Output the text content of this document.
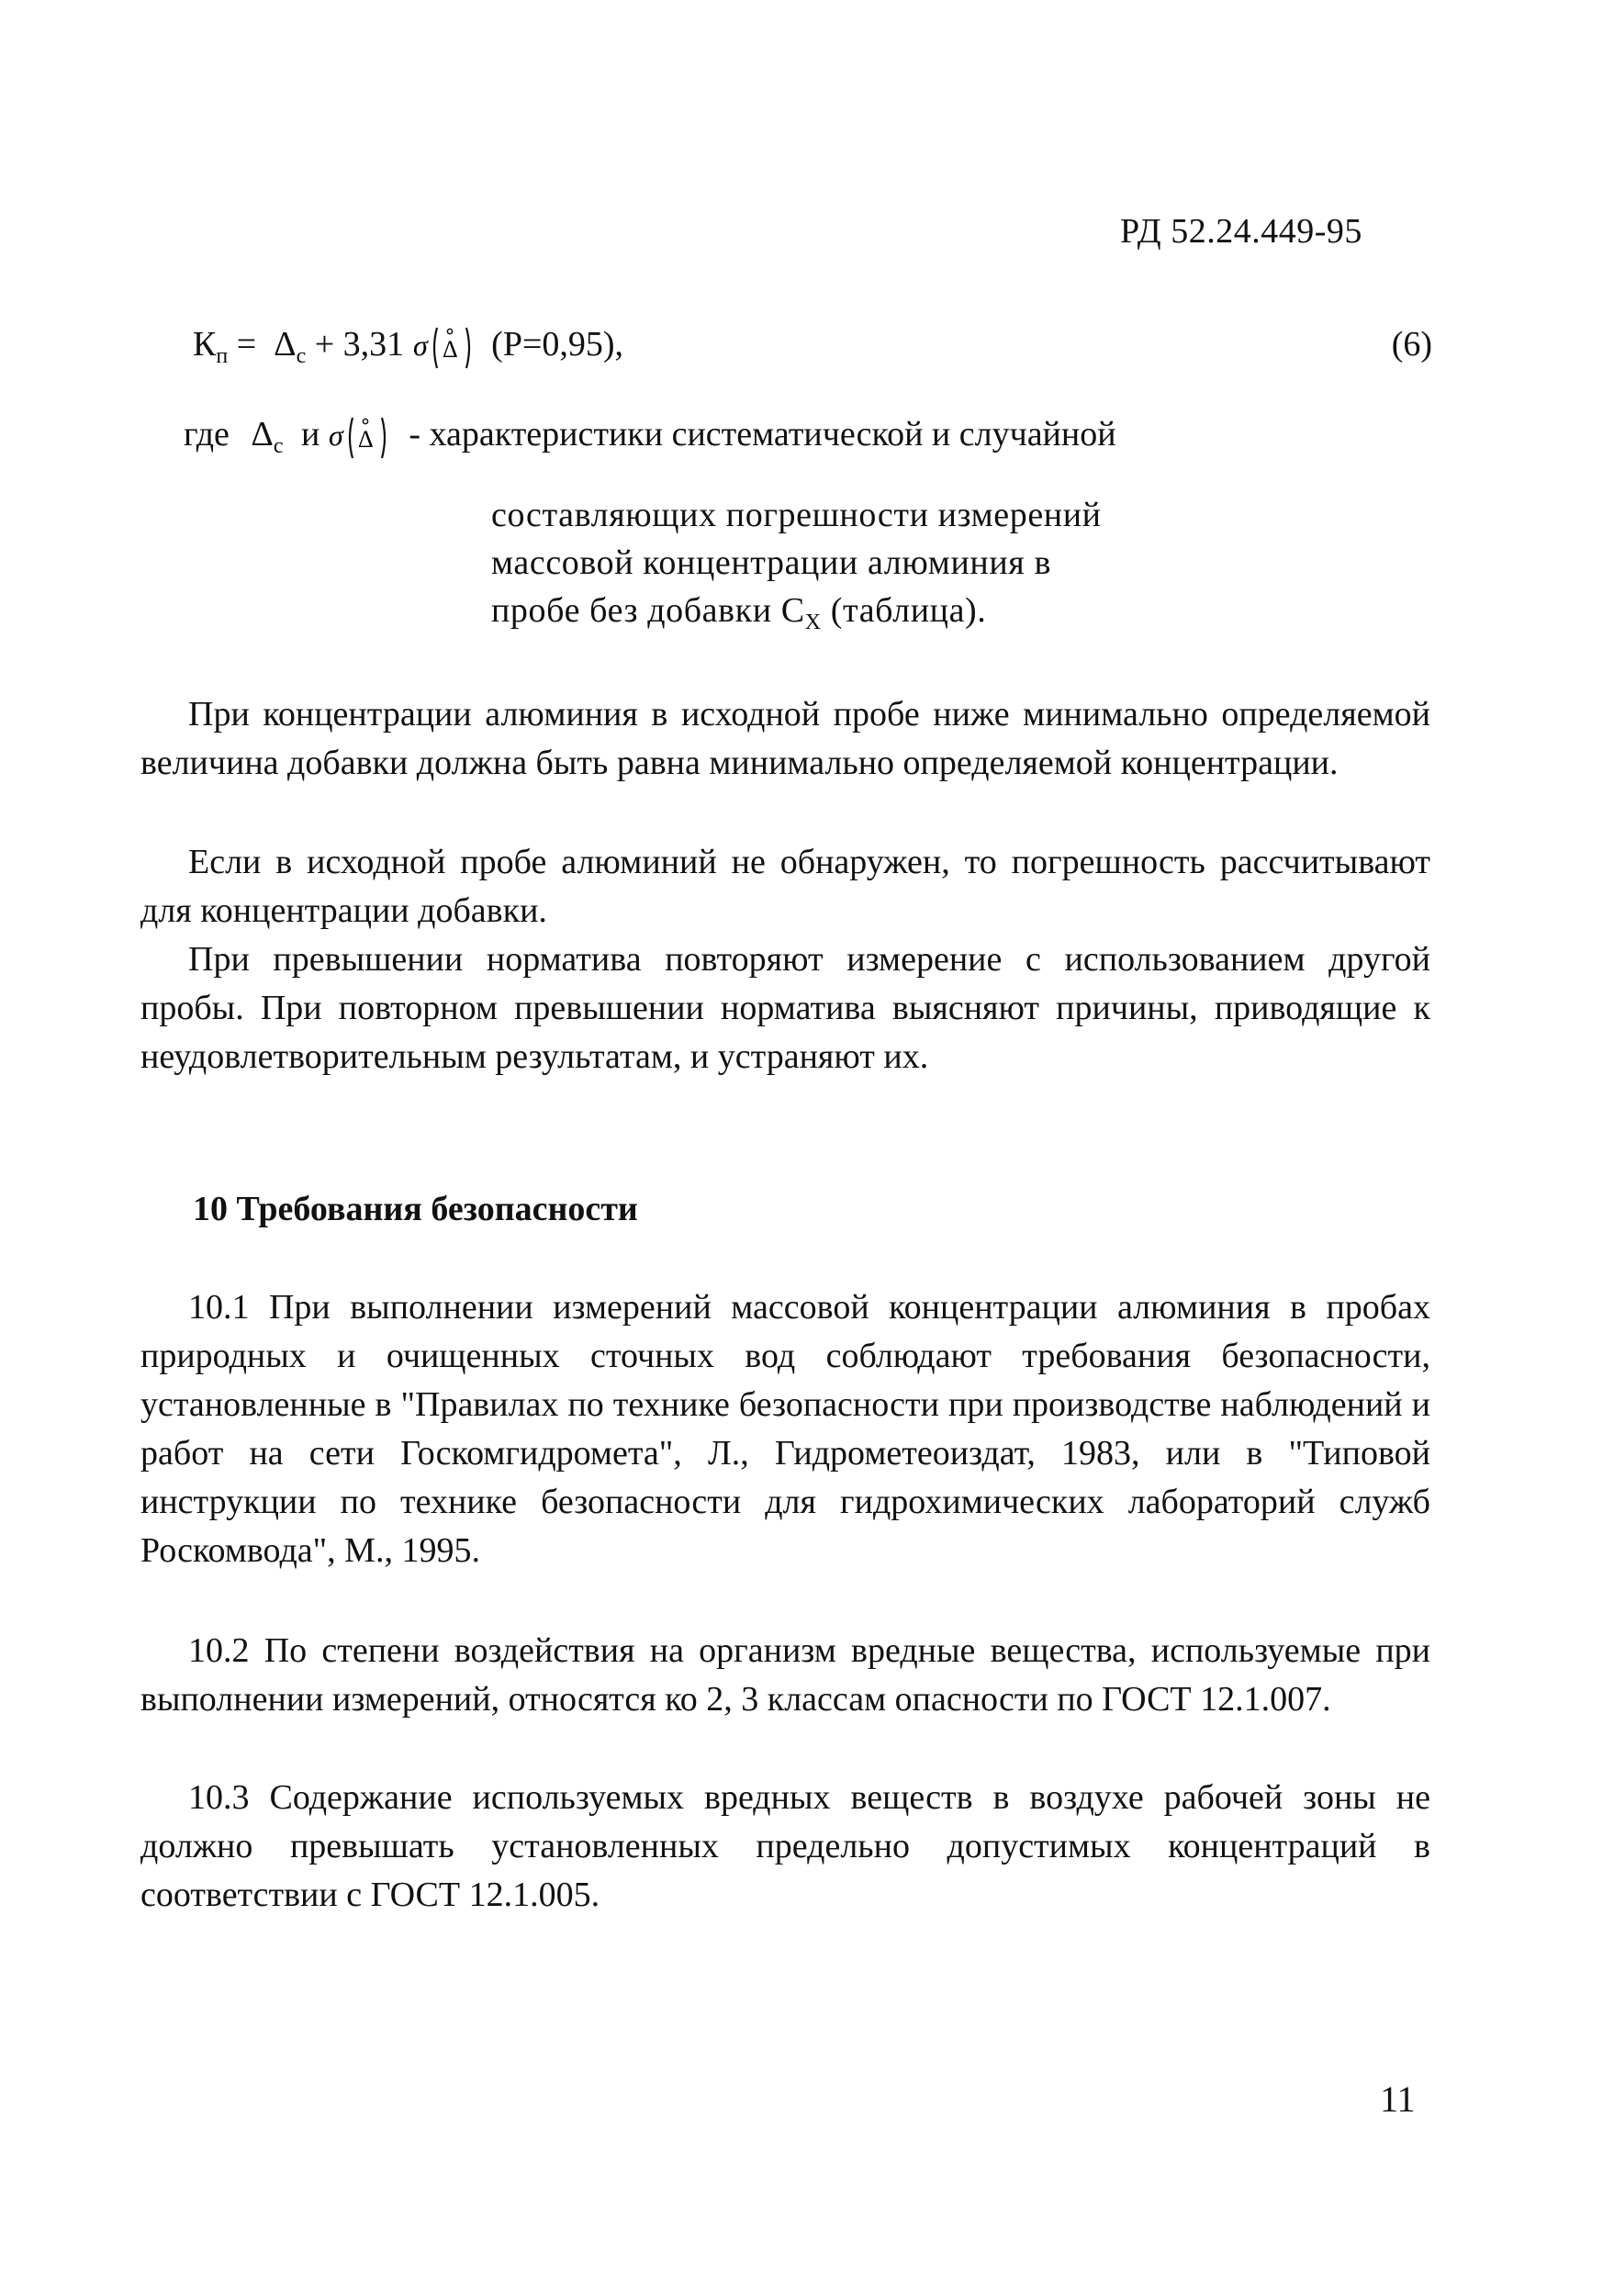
РД 52.24.449-95
$К_п = \Delta_с + 3,31$ σ Δ (Р=0,95),	(6)
где $\Delta_с$ и σ Δ - характеристики систематической и случайной
составляющих погрешности измерений
массовой концентрации алюминия в
пробе без добавки $С_Х$ (таблица).
При концентрации алюминия в исходной пробе ниже минимально определяемой величина добавки должна быть равна минимально определяемой концентрации.
Если в исходной пробе алюминий не обнаружен, то погрешность рассчитывают для концентрации добавки.
При превышении норматива повторяют измерение с использованием другой пробы. При повторном превышении норматива выясняют причины, приводящие к неудовлетворительным результатам, и устраняют их.
10 Требования безопасности
10.1 При выполнении измерений массовой концентрации алюминия в пробах природных и очищенных сточных вод соблюдают требования безопасности, установленные в "Правилах по технике безопасности при производстве наблюдений и работ на сети Госкомгидромета", Л., Гидрометеоиздат, 1983, или в "Типовой инструкции по технике безопасности для гидрохимических лабораторий служб Роскомвода", М., 1995.
10.2 По степени воздействия на организм вредные вещества, используемые при выполнении измерений, относятся ко 2, 3 классам опасности по ГОСТ 12.1.007.
10.3 Содержание используемых вредных веществ в воздухе рабочей зоны не должно превышать установленных предельно допустимых концентраций в соответствии с ГОСТ 12.1.005.
11
